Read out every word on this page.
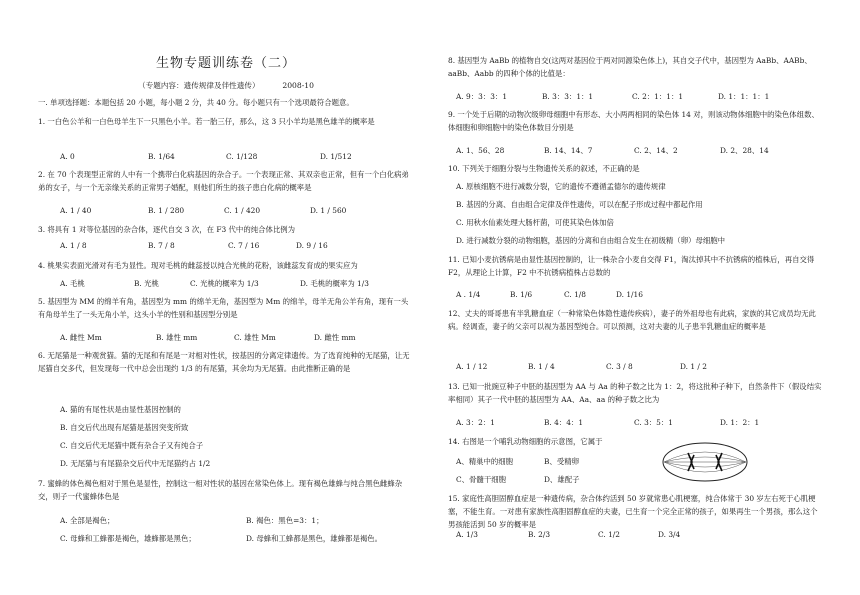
生物专题训练卷（二）
（专题内容：遗传规律及伴性遗传）	2008-10

一. 单项选择题：本题包括 20 小题，每小题 2 分，共 40 分。每小题只有一个选项最符合题意。

1. 一白色公羊和一白色母羊生下一只黑色小羊。若一胎三仔，那么，这 3 只小羊均是黑色雄羊的概率是

A. 0	B. 1/64	C. 1/128	D. 1/512

2. 在 70 个表现型正常的人中有一个携带白化病基因的杂合子。一个表现正常、其双亲也正常，但有一个白化病弟弟的女子，与一个无亲缘关系的正常男子婚配，则他们所生的孩子患白化病的概率是

A. 1 / 40	B. 1 / 280	C. 1 / 420	D. 1 / 560

3. 将具有 1 对等位基因的杂合体，逐代自交 3 次，在 F3 代中的纯合体比例为

A. 1 / 8	B. 7 / 8	C. 7 / 16	D. 9 / 16

4. 桃果实表面光滑对有毛为显性。现对毛桃的雌蕊授以纯合光桃的花粉，该雌蕊发育成的果实应为

A. 毛桃	B. 光桃	C. 光桃的概率为 1/3	D. 毛桃的概率为 1/3

5. 基因型为 MM 的绵羊有角，基因型为 mm 的绵羊无角，基因型为 Mm 的绵羊，母羊无角公羊有角，现有一头有角母羊生了一头无角小羊，这头小羊的性别和基因型分别是

A. 雌性 Mm	B. 雄性 mm	C. 雄性 Mm	D. 雌性 mm

6. 无尾猫是一种观赏猫。猫的无尾和有尾是一对相对性状，按基因的分离定律遗传。为了选育纯种的无尾猫，让无尾猫自交多代，但发现每一代中总会出现约 1/3 的有尾猫，其余均为无尾猫。由此推断正确的是

A. 猫的有尾性状是由显性基因控制的
B. 自交后代出现有尾猫是基因突变所致
C. 自交后代无尾猫中既有杂合子又有纯合子
D. 无尾猫与有尾猫杂交后代中无尾猫约占 1/2

7. 蜜蜂的体色褐色相对于黑色是显性，控制这一相对性状的基因在常染色体上。现有褐色雄蜂与纯合黑色雌蜂杂交，则子一代蜜蜂体色是

A. 全部是褐色；	B. 褐色：黑色=3：1；
C. 母蜂和工蜂都是褐色，雄蜂都是黑色；	D. 母蜂和工蜂都是黑色，雄蜂都是褐色。

8. 基因型为 AaBb 的植物自交(这两对基因位于两对同源染色体上)，其自交子代中，基因型为 AaBb、AABb、aaBb、Aabb 的四种个体的比值是：

A. 9：3：3：1	B. 3：3：1：1	C. 2：1：1：1	D. 1：1：1：1

9. 一个处于后期的动物次级卵母细胞中有形态、大小两两相同的染色体 14 对，则该动物体细胞中的染色体组数、体细胞和卵细胞中的染色体数目分别是

A. 1、56、28	B. 14、14、7	C. 2、14、2	D. 2、28、14

10. 下列关于细胞分裂与生物遗传关系的叙述，不正确的是

A. 原核细胞不进行减数分裂，它的遗传不遵循孟德尔的遗传规律
B. 基因的分离、自由组合定律及伴性遗传，可以在配子形成过程中都起作用
C. 用秋水仙素处理大肠杆菌，可使其染色体加倍
D. 进行减数分裂的动物细胞，基因的分离和自由组合发生在初级精（卵）母细胞中

11. 已知小麦抗锈病是由显性基因控制的，让一株杂合小麦自交得 F1，淘汰掉其中不抗锈病的植株后，再自交得 F2，从理论上计算，F2 中不抗锈病植株占总数的

A . 1/4	B. 1/6	C. 1/8	D. 1/16

12、丈夫的哥哥患有半乳糖血症（一种常染色体隐性遗传疾病），妻子的外祖母也有此病，家族的其它成员均无此病。经调查，妻子的父亲可以视为基因型纯合。可以预测，这对夫妻的儿子患半乳糖血症的概率是

A. 1 / 12	B. 1 / 4	C. 3 / 8	D. 1 / 2

13. 已知一批豌豆种子中胚的基因型为 AA 与 Aa 的种子数之比为 1：2，将这批种子种下，自然条件下（假设结实率相同）其子一代中胚的基因型为 AA、Aa、aa 的种子数之比为

A. 3：2：1	B. 4：4：1	C. 3：5：1	D. 1：2：1

14. 右图是一个哺乳动物细胞的示意图，它属于

A、精巢中的细胞	B、受精卵
C、骨髓干细胞	D、雄配子

15. 家庭性高胆固醇血症是一种遗传病，杂合体约活到 50 岁就常患心肌梗塞，纯合体常于 30 岁左右死于心肌梗塞，不能生育。一对患有家族性高胆固醇血症的夫妻，已生育一个完全正常的孩子，如果再生一个男孩，那么这个男孩能活到 50 岁的概率是

A. 1/3	B. 2/3	C. 1/2	D. 3/4
